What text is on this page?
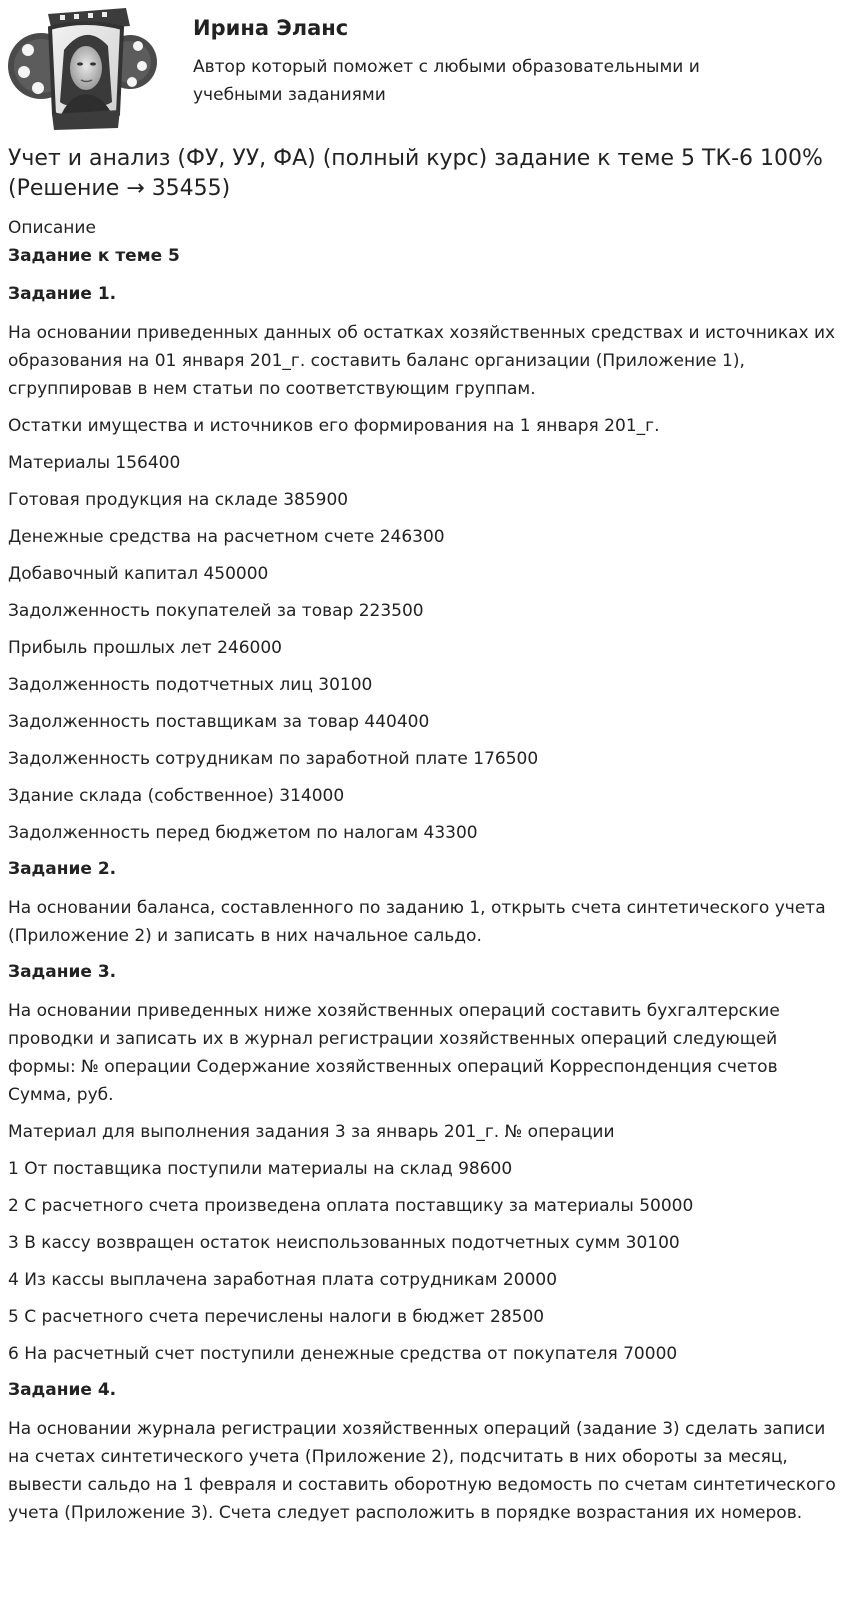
Ирина Эланс
Автор который поможет с любыми образовательными и учебными заданиями
Учет и анализ (ФУ, УУ, ФА) (полный курс) задание к теме 5 ТК-6 100% (Решение → 35455)
Описание
Задание к теме 5
Задание 1.
На основании приведенных данных об остатках хозяйственных средствах и источниках их образования на 01 января 201_г. составить баланс организации (Приложение 1), сгруппировав в нем статьи по соответствующим группам.
Остатки имущества и источников его формирования на 1 января 201_г.
Материалы 156400
Готовая продукция на складе 385900
Денежные средства на расчетном счете 246300
Добавочный капитал 450000
Задолженность покупателей за товар 223500
Прибыль прошлых лет 246000
Задолженность подотчетных лиц 30100
Задолженность поставщикам за товар 440400
Задолженность сотрудникам по заработной плате 176500
Здание склада (собственное) 314000
Задолженность перед бюджетом по налогам 43300
Задание 2.
На основании баланса, составленного по заданию 1, открыть счета синтетического учета (Приложение 2) и записать в них начальное сальдо.
Задание 3.
На основании приведенных ниже хозяйственных операций составить бухгалтерские проводки и записать их в журнал регистрации хозяйственных операций следующей формы: № операции Содержание хозяйственных операций Корреспонденция счетов Сумма, руб.
Материал для выполнения задания 3 за январь 201_г. № операции
1 От поставщика поступили материалы на склад 98600
2 С расчетного счета произведена оплата поставщику за материалы 50000
3 В кассу возвращен остаток неиспользованных подотчетных сумм 30100
4 Из кассы выплачена заработная плата сотрудникам 20000
5 С расчетного счета перечислены налоги в бюджет 28500
6 На расчетный счет поступили денежные средства от покупателя 70000
Задание 4.
На основании журнала регистрации хозяйственных операций (задание 3) сделать записи на счетах синтетического учета (Приложение 2), подсчитать в них обороты за месяц, вывести сальдо на 1 февраля и составить оборотную ведомость по счетам синтетического учета (Приложение 3). Счета следует расположить в порядке возрастания их номеров.
